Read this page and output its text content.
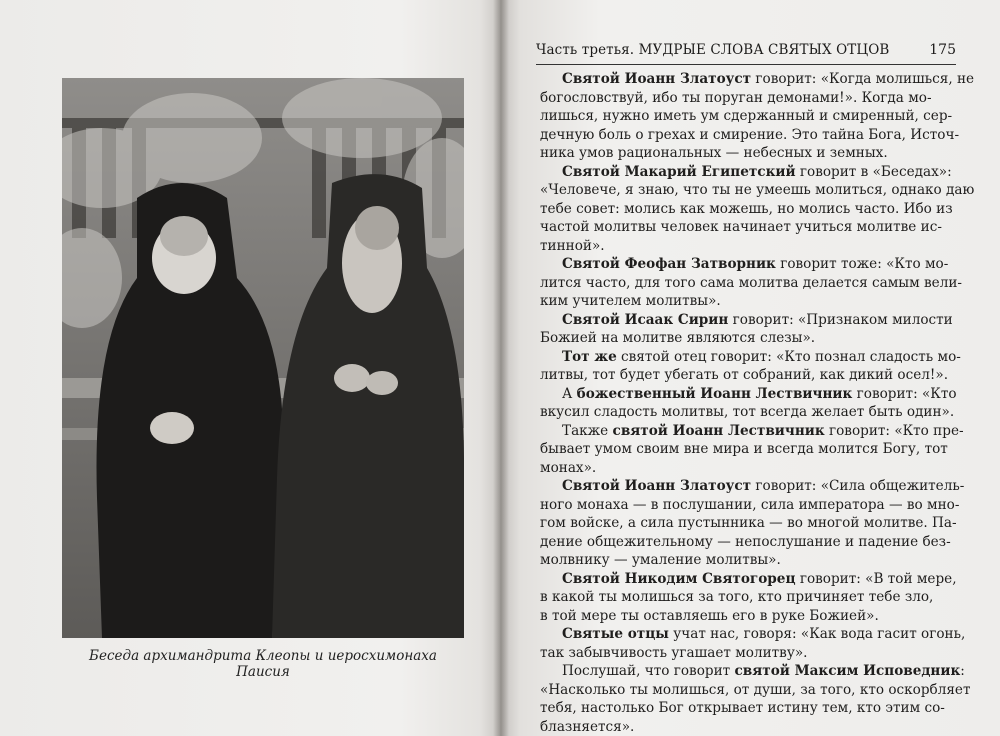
Беседа архимандрита Клеопы и иеросхимонаха Паисия
Часть третья. МУДРЫЕ СЛОВА СВЯТЫХ ОТЦОВ	175
Святой Иоанн Златоуст говорит: «Когда молишься, не
богословствуй, ибо ты поруган демонами!». Когда мо-
лишься, нужно иметь ум сдержанный и смиренный, сер-
дечную боль о грехах и смирение. Это тайна Бога, Источ-
ника умов рациональных — небесных и земных.
Святой Макарий Египетский говорит в «Беседах»:
«Человече, я знаю, что ты не умеешь молиться, однако даю
тебе совет: молись как можешь, но молись часто. Ибо из
частой молитвы человек начинает учиться молитве ис-
тинной».
Святой Феофан Затворник говорит тоже: «Кто мо-
лится часто, для того сама молитва делается самым вели-
ким учителем молитвы».
Святой Исаак Сирин говорит: «Признаком милости
Божией на молитве являются слезы».
Тот же святой отец говорит: «Кто познал сладость мо-
литвы, тот будет убегать от собраний, как дикий осел!».
А божественный Иоанн Лествичник говорит: «Кто
вкусил сладость молитвы, тот всегда желает быть один».
Также святой Иоанн Лествичник говорит: «Кто пре-
бывает умом своим вне мира и всегда молится Богу, тот
монах».
Святой Иоанн Златоуст говорит: «Сила общежитель-
ного монаха — в послушании, сила императора — во мно-
гом войске, а сила пустынника — во многой молитве. Па-
дение общежительному — непослушание и падение без-
молвнику — умаление молитвы».
Святой Никодим Святогорец говорит: «В той мере,
в какой ты молишься за того, кто причиняет тебе зло,
в той мере ты оставляешь его в руке Божией».
Святые отцы учат нас, говоря: «Как вода гасит огонь,
так забывчивость угашает молитву».
Послушай, что говорит святой Максим Исповедник:
«Насколько ты молишься, от души, за того, кто оскорбляет
тебя, настолько Бог открывает истину тем, кто этим со-
блазняется».
